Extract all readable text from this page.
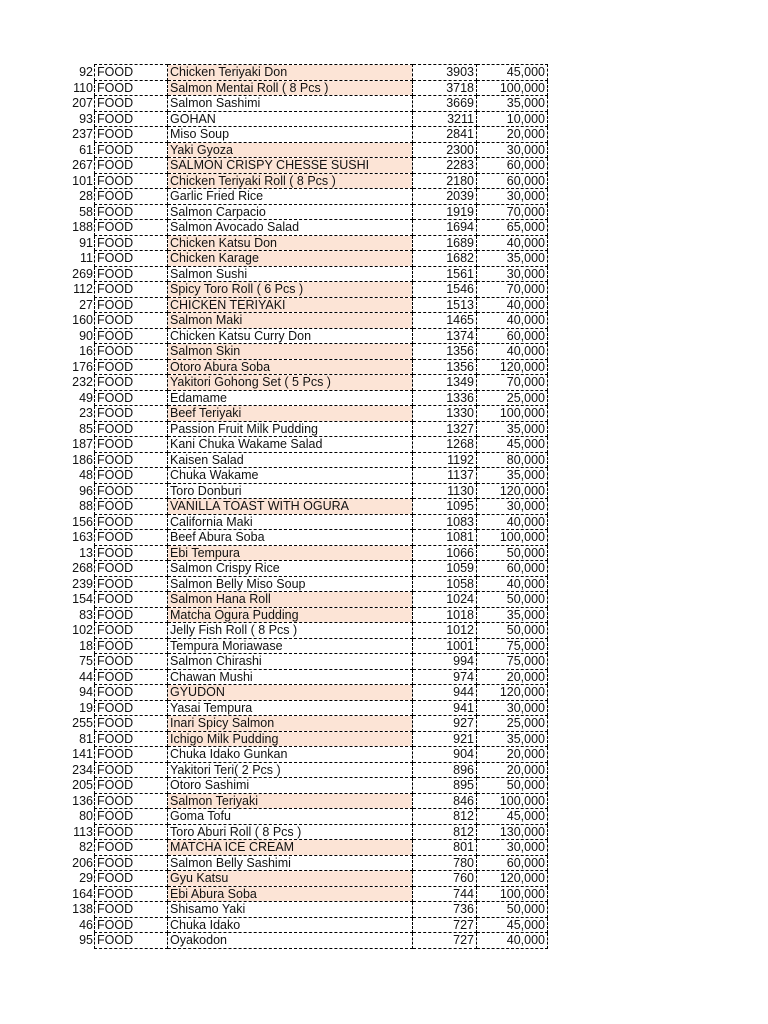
92	FOOD	Chicken Teriyaki Don	3903	45,000
110	FOOD	Salmon Mentai Roll ( 8 Pcs )	3718	100,000
207	FOOD	Salmon Sashimi	3669	35,000
93	FOOD	GOHAN	3211	10,000
237	FOOD	Miso Soup	2841	20,000
61	FOOD	Yaki Gyoza	2300	30,000
267	FOOD	SALMON CRISPY CHESSE SUSHI	2283	60,000
101	FOOD	Chicken Teriyaki Roll ( 8 Pcs )	2180	60,000
28	FOOD	Garlic Fried Rice	2039	30,000
58	FOOD	Salmon Carpacio	1919	70,000
188	FOOD	Salmon Avocado Salad	1694	65,000
91	FOOD	Chicken Katsu Don	1689	40,000
11	FOOD	Chicken Karage	1682	35,000
269	FOOD	Salmon Sushi	1561	30,000
112	FOOD	Spicy Toro Roll ( 6 Pcs )	1546	70,000
27	FOOD	CHICKEN TERIYAKI	1513	40,000
160	FOOD	Salmon Maki	1465	40,000
90	FOOD	Chicken Katsu Curry Don	1374	60,000
16	FOOD	Salmon Skin	1356	40,000
176	FOOD	Otoro Abura Soba	1356	120,000
232	FOOD	Yakitori Gohong Set ( 5 Pcs )	1349	70,000
49	FOOD	Edamame	1336	25,000
23	FOOD	Beef Teriyaki	1330	100,000
85	FOOD	Passion Fruit Milk Pudding	1327	35,000
187	FOOD	Kani Chuka Wakame Salad	1268	45,000
186	FOOD	Kaisen Salad	1192	80,000
48	FOOD	Chuka Wakame	1137	35,000
96	FOOD	Toro Donburi	1130	120,000
88	FOOD	VANILLA TOAST WITH OGURA	1095	30,000
156	FOOD	California Maki	1083	40,000
163	FOOD	Beef Abura Soba	1081	100,000
13	FOOD	Ebi Tempura	1066	50,000
268	FOOD	Salmon Crispy Rice	1059	60,000
239	FOOD	Salmon Belly Miso Soup	1058	40,000
154	FOOD	Salmon Hana Roll	1024	50,000
83	FOOD	Matcha Ogura Pudding	1018	35,000
102	FOOD	Jelly Fish Roll ( 8 Pcs )	1012	50,000
18	FOOD	Tempura Moriawase	1001	75,000
75	FOOD	Salmon Chirashi	994	75,000
44	FOOD	Chawan Mushi	974	20,000
94	FOOD	GYUDON	944	120,000
19	FOOD	Yasai Tempura	941	30,000
255	FOOD	Inari Spicy Salmon	927	25,000
81	FOOD	Ichigo Milk Pudding	921	35,000
141	FOOD	Chuka Idako Gunkan	904	20,000
234	FOOD	Yakitori Teri( 2 Pcs )	896	20,000
205	FOOD	Otoro Sashimi	895	50,000
136	FOOD	Salmon Teriyaki	846	100,000
80	FOOD	Goma Tofu	812	45,000
113	FOOD	Toro Aburi Roll ( 8 Pcs )	812	130,000
82	FOOD	MATCHA ICE CREAM	801	30,000
206	FOOD	Salmon Belly Sashimi	780	60,000
29	FOOD	Gyu Katsu	760	120,000
164	FOOD	Ebi Abura Soba	744	100,000
138	FOOD	Shisamo Yaki	736	50,000
46	FOOD	Chuka Idako	727	45,000
95	FOOD	Oyakodon	727	40,000
